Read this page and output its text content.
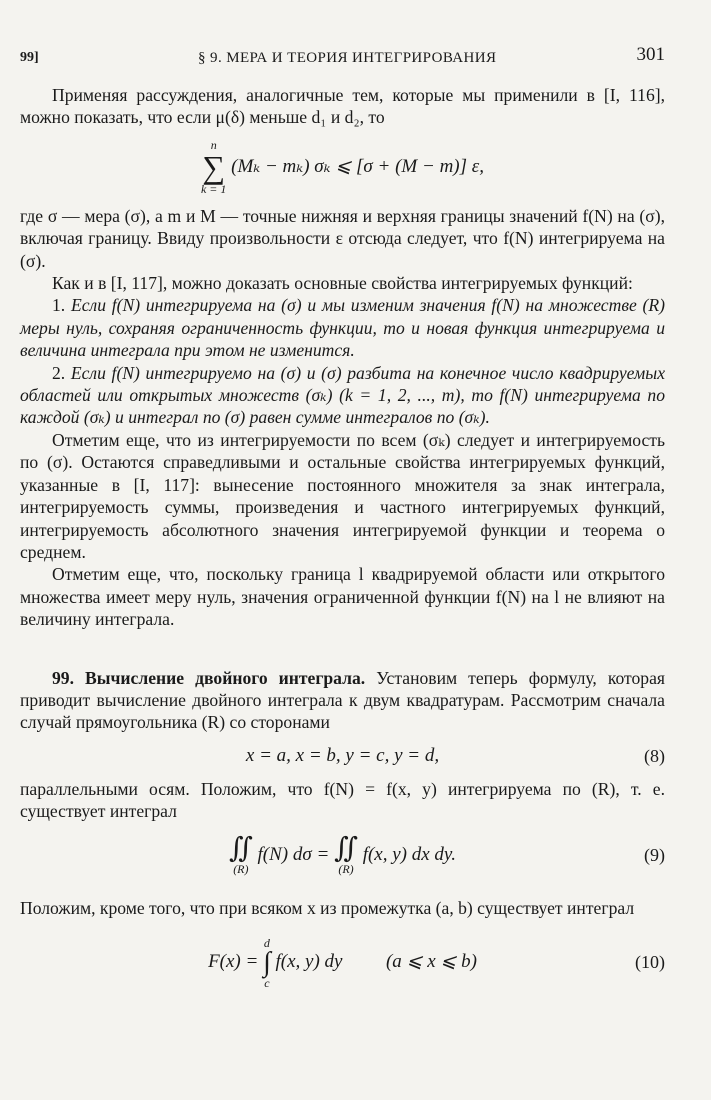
99]	§ 9. МЕРА И ТЕОРИЯ ИНТЕГРИРОВАНИЯ	301

Применяя рассуждения, аналогичные тем, которые мы применили в [I, 116], можно показать, что если μ(δ) меньше d₁ и d₂, то

n
∑
k = 1
(Mₖ − mₖ) σₖ ⩽ [σ + (M − m)] ε,

где σ — мера (σ), а m и M — точные нижняя и верхняя границы значений f(N) на (σ), включая границу. Ввиду произвольности ε отсюда следует, что f(N) интегрируема на (σ).

Как и в [I, 117], можно доказать основные свойства интегрируемых функций:

1. Если f(N) интегрируема на (σ) и мы изменим значения f(N) на множестве (R) меры нуль, сохраняя ограниченность функции, то и новая функция интегрируема и величина интеграла при этом не изменится.

2. Если f(N) интегрируемо на (σ) и (σ) разбита на конечное число квадрируемых областей или открытых множеств (σₖ) (k = 1, 2, ..., m), то f(N) интегрируема по каждой (σₖ) и интеграл по (σ) равен сумме интегралов по (σₖ).

Отметим еще, что из интегрируемости по всем (σₖ) следует и интегрируемость по (σ). Остаются справедливыми и остальные свойства интегрируемых функций, указанные в [I, 117]: вынесение постоянного множителя за знак интеграла, интегрируемость суммы, произведения и частного интегрируемых функций, интегрируемость абсолютного значения интегрируемой функции и теорема о среднем.

Отметим еще, что, поскольку граница l квадрируемой области или открытого множества имеет меру нуль, значения ограниченной функции f(N) на l не влияют на величину интеграла.

99. Вычисление двойного интеграла. Установим теперь формулу, которая приводит вычисление двойного интеграла к двум квадратурам. Рассмотрим сначала случай прямоугольника (R) со сторонами

x = a, x = b, y = c, y = d,	(8)

параллельными осям. Положим, что f(N) = f(x, y) интегрируема по (R), т. е. существует интеграл

∬
(R)
f(N) dσ = ∬
(R)
f(x, y) dx dy.	(9)

Положим, кроме того, что при всяком x из промежутка (a, b) существует интеграл

F(x) =
d
∫
c
f(x, y) dy (a ⩽ x ⩽ b)	(10)
